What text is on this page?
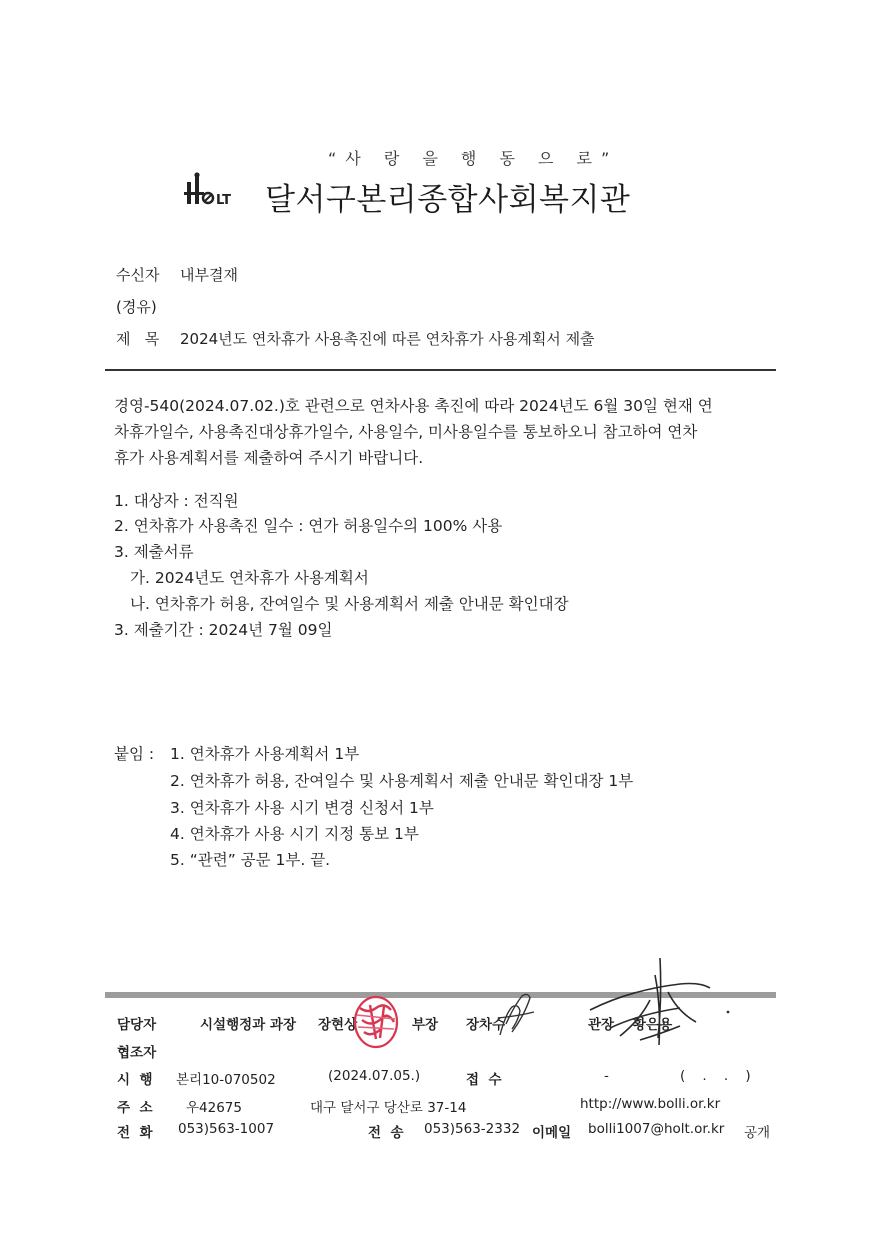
“사 랑 을 행 동 으 로”
LT 달서구본리종합사회복지관
수신자 내부결재
(경유)
제   목 2024년도 연차휴가 사용촉진에 따른 연차휴가 사용계획서 제출
경영-540(2024.07.02.)호 관련으로 연차사용 촉진에 따라 2024년도 6월 30일 현재 연
차휴가일수, 사용촉진대상휴가일수, 사용일수, 미사용일수를 통보하오니 참고하여 연차
휴가 사용계획서를 제출하여 주시기 바랍니다.
1. 대상자 : 전직원
2. 연차휴가 사용촉진 일수 : 연가 허용일수의 100% 사용
3. 제출서류
가. 2024년도 연차휴가 사용계획서
나. 연차휴가 허용, 잔여일수 및 사용계획서 제출 안내문 확인대장
3. 제출기간 : 2024년 7월 09일
붙임 : 1. 연차휴가 사용계획서 1부
2. 연차휴가 허용, 잔여일수 및 사용계획서 제출 안내문 확인대장 1부
3. 연차휴가 사용 시기 변경 신청서 1부
4. 연차휴가 사용 시기 지정 통보 1부
5. “관련” 공문 1부. 끝.
담당자	시설행정과 과장 장현상	부장 장차수	관장 황은용
협조자
시  행 본리10-070502	(2024.07.05.)	접  수	-	(    .    .    )
주  소 우42675	대구 달서구 당산로 37-14	http://www.bolli.or.kr
전  화 053)563-1007	전  송 053)563-2332 이메일 bolli1007@holt.or.kr 공개
